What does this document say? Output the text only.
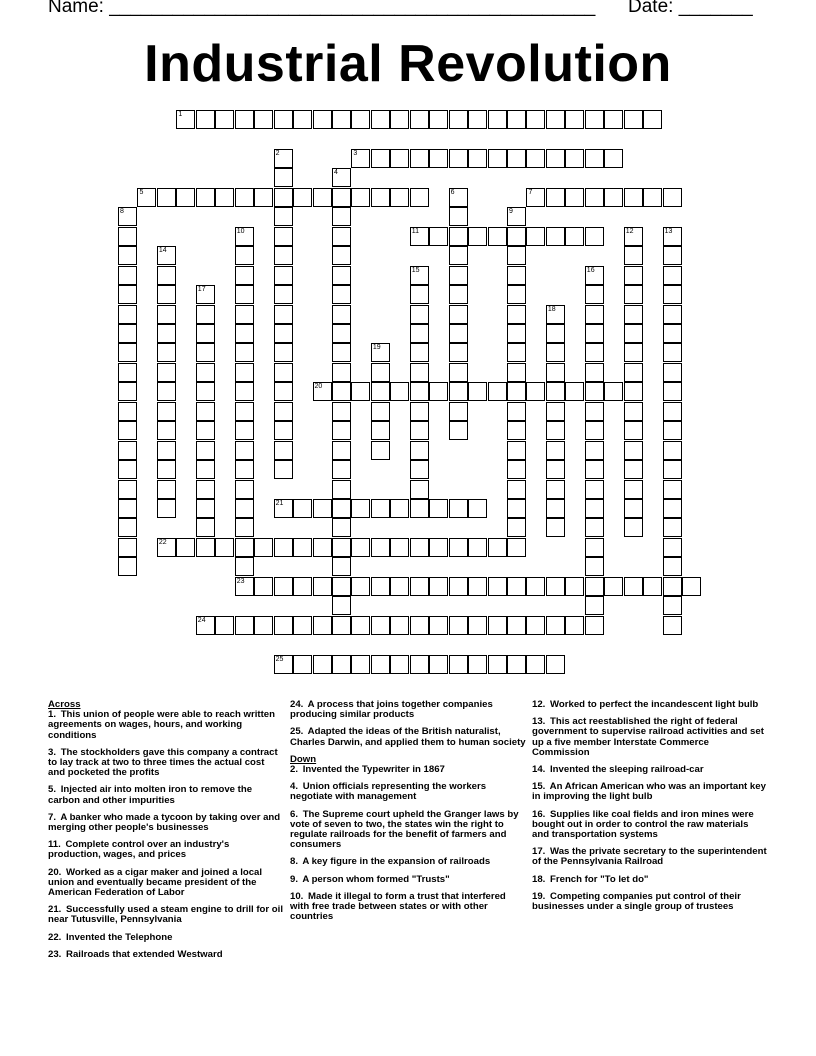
Name: ______________________________________________ Date: _______
Industrial Revolution
1
2	3
4
5	6	7
8	9
10
23
11	12	13
14
15	16
17
18
19
20
21
22
24
25
Across
1. This union of people were able to reach written agreements on wages, hours, and working conditions
3. The stockholders gave this company a contract to lay track at two to three times the actual cost and pocketed the profits
5. Injected air into molten iron to remove the carbon and other impurities
7. A banker who made a tycoon by taking over and merging other people's businesses
11. Complete control over an industry's production, wages, and prices
20. Worked as a cigar maker and joined a local union and eventually became president of the American Federation of Labor
21. Successfully used a steam engine to drill for oil near Tutusville, Pennsylvania
22. Invented the Telephone
23. Railroads that extended Westward
24. A process that joins together companies producing similar products
25. Adapted the ideas of the British naturalist, Charles Darwin, and applied them to human society
Down
2. Invented the Typewriter in 1867
4. Union officials representing the workers negotiate with management
6. The Supreme court upheld the Granger laws by vote of seven to two, the states win the right to regulate railroads for the benefit of farmers and consumers
8. A key figure in the expansion of railroads
9. A person whom formed "Trusts"
10. Made it illegal to form a trust that interfered with free trade between states or with other countries
12. Worked to perfect the incandescent light bulb
13. This act reestablished the right of federal government to supervise railroad activities and set up a five member Interstate Commerce Commission
14. Invented the sleeping railroad-car
15. An African American who was an important key in improving the light bulb
16. Supplies like coal fields and iron mines were bought out in order to control the raw materials and transportation systems
17. Was the private secretary to the superintendent of the Pennsylvania Railroad
18. French for "To let do"
19. Competing companies put control of their businesses under a single group of trustees
